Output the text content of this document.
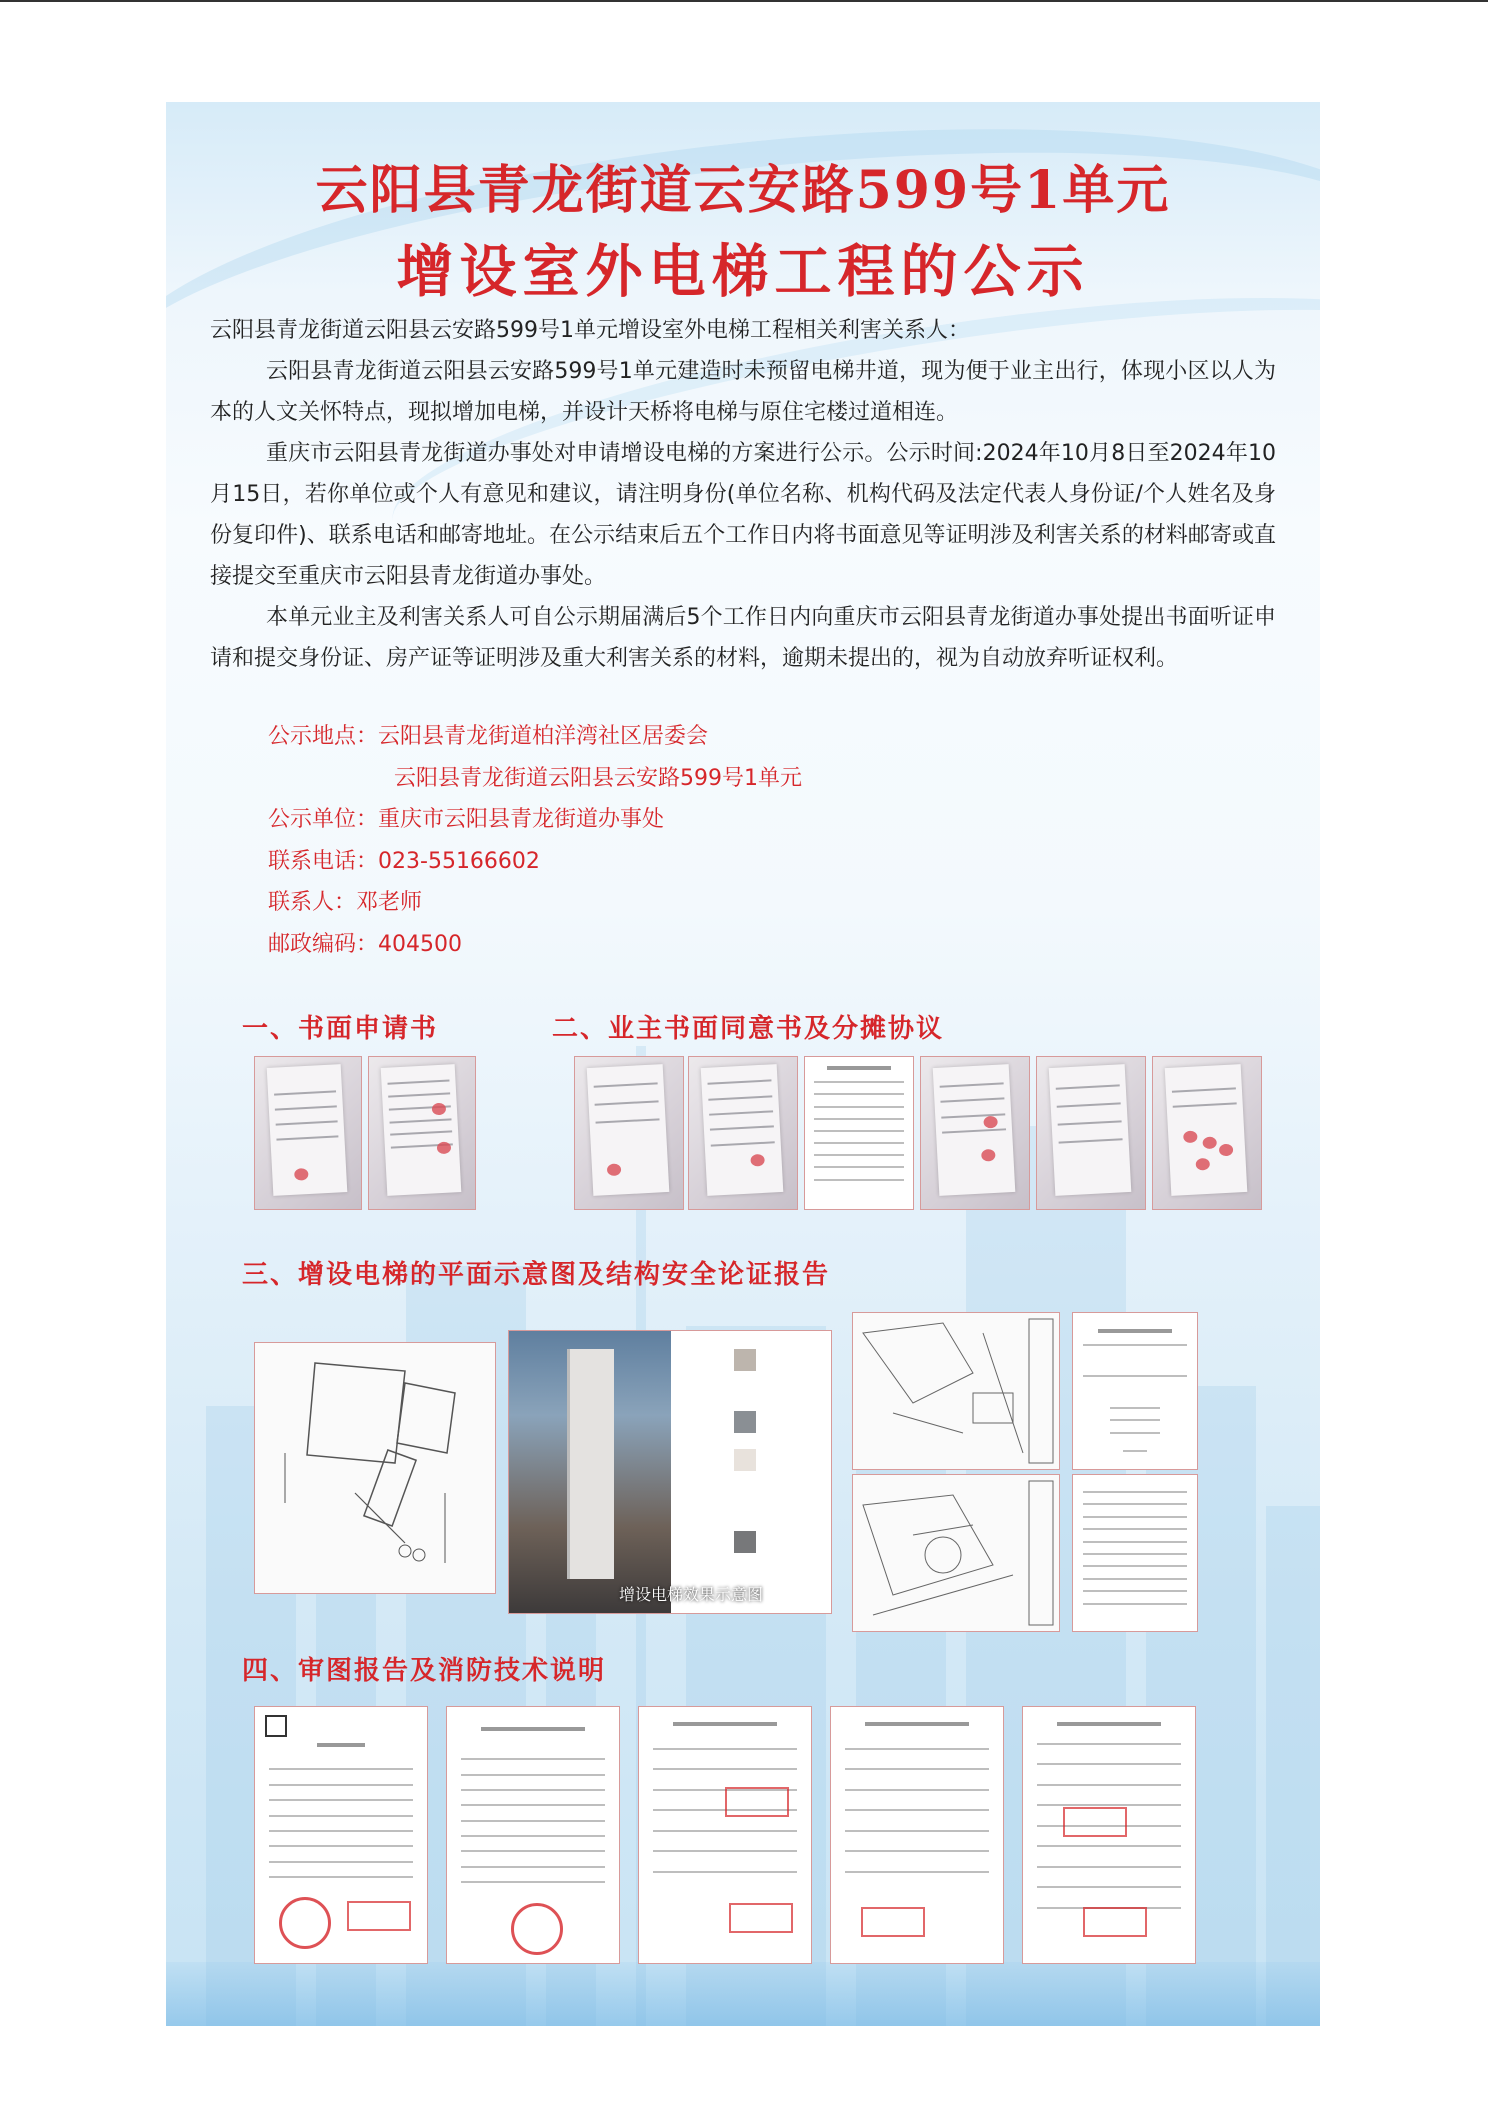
云阳县青龙街道云安路599号1单元
增设室外电梯工程的公示

云阳县青龙街道云阳县云安路599号1单元增设室外电梯工程相关利害关系人：

云阳县青龙街道云阳县云安路599号1单元建造时未预留电梯井道，现为便于业主出行，体现小区以人为本的人文关怀特点，现拟增加电梯，并设计天桥将电梯与原住宅楼过道相连。

重庆市云阳县青龙街道办事处对申请增设电梯的方案进行公示。公示时间:2024年10月8日至2024年10月15日，若你单位或个人有意见和建议，请注明身份(单位名称、机构代码及法定代表人身份证/个人姓名及身份复印件)、联系电话和邮寄地址。在公示结束后五个工作日内将书面意见等证明涉及利害关系的材料邮寄或直接提交至重庆市云阳县青龙街道办事处。

本单元业主及利害关系人可自公示期届满后5个工作日内向重庆市云阳县青龙街道办事处提出书面听证申请和提交身份证、房产证等证明涉及重大利害关系的材料，逾期未提出的，视为自动放弃听证权利。

公示地点：云阳县青龙街道柏洋湾社区居委会
云阳县青龙街道云阳县云安路599号1单元
公示单位：重庆市云阳县青龙街道办事处
联系电话：023-55166602
联系人：邓老师
邮政编码：404500
一、书面申请书	二、业主书面同意书及分摊协议
三、增设电梯的平面示意图及结构安全论证报告
增设电梯效果示意图
四、审图报告及消防技术说明
